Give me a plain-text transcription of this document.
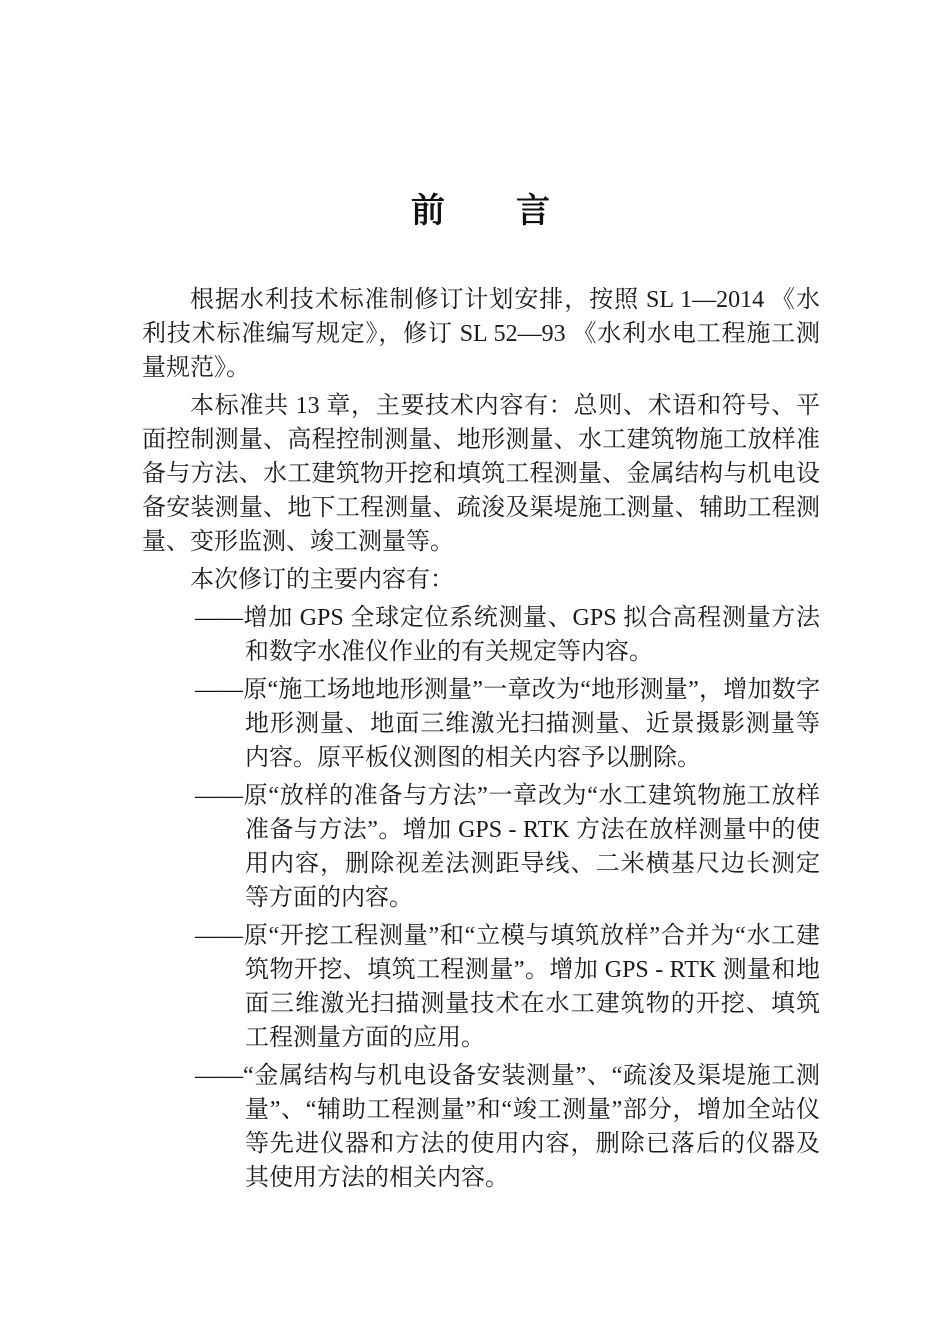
前　　言

根据水利技术标准制修订计划安排，按照 SL 1—2014 《水利技术标准编写规定》，修订 SL 52—93 《水利水电工程施工测量规范》。

本标准共 13 章，主要技术内容有：总则、术语和符号、平面控制测量、高程控制测量、地形测量、水工建筑物施工放样准备与方法、水工建筑物开挖和填筑工程测量、金属结构与机电设备安装测量、地下工程测量、疏浚及渠堤施工测量、辅助工程测量、变形监测、竣工测量等。

本次修订的主要内容有：

——增加 GPS 全球定位系统测量、GPS 拟合高程测量方法和数字水准仪作业的有关规定等内容。
——原“施工场地地形测量”一章改为“地形测量”，增加数字地形测量、地面三维激光扫描测量、近景摄影测量等内容。原平板仪测图的相关内容予以删除。
——原“放样的准备与方法”一章改为“水工建筑物施工放样准备与方法”。增加 GPS - RTK 方法在放样测量中的使用内容，删除视差法测距导线、二米横基尺边长测定等方面的内容。
——原“开挖工程测量”和“立模与填筑放样”合并为“水工建筑物开挖、填筑工程测量”。增加 GPS - RTK 测量和地面三维激光扫描测量技术在水工建筑物的开挖、填筑工程测量方面的应用。
——“金属结构与机电设备安装测量”、“疏浚及渠堤施工测量”、“辅助工程测量”和“竣工测量”部分，增加全站仪等先进仪器和方法的使用内容，删除已落后的仪器及其使用方法的相关内容。
